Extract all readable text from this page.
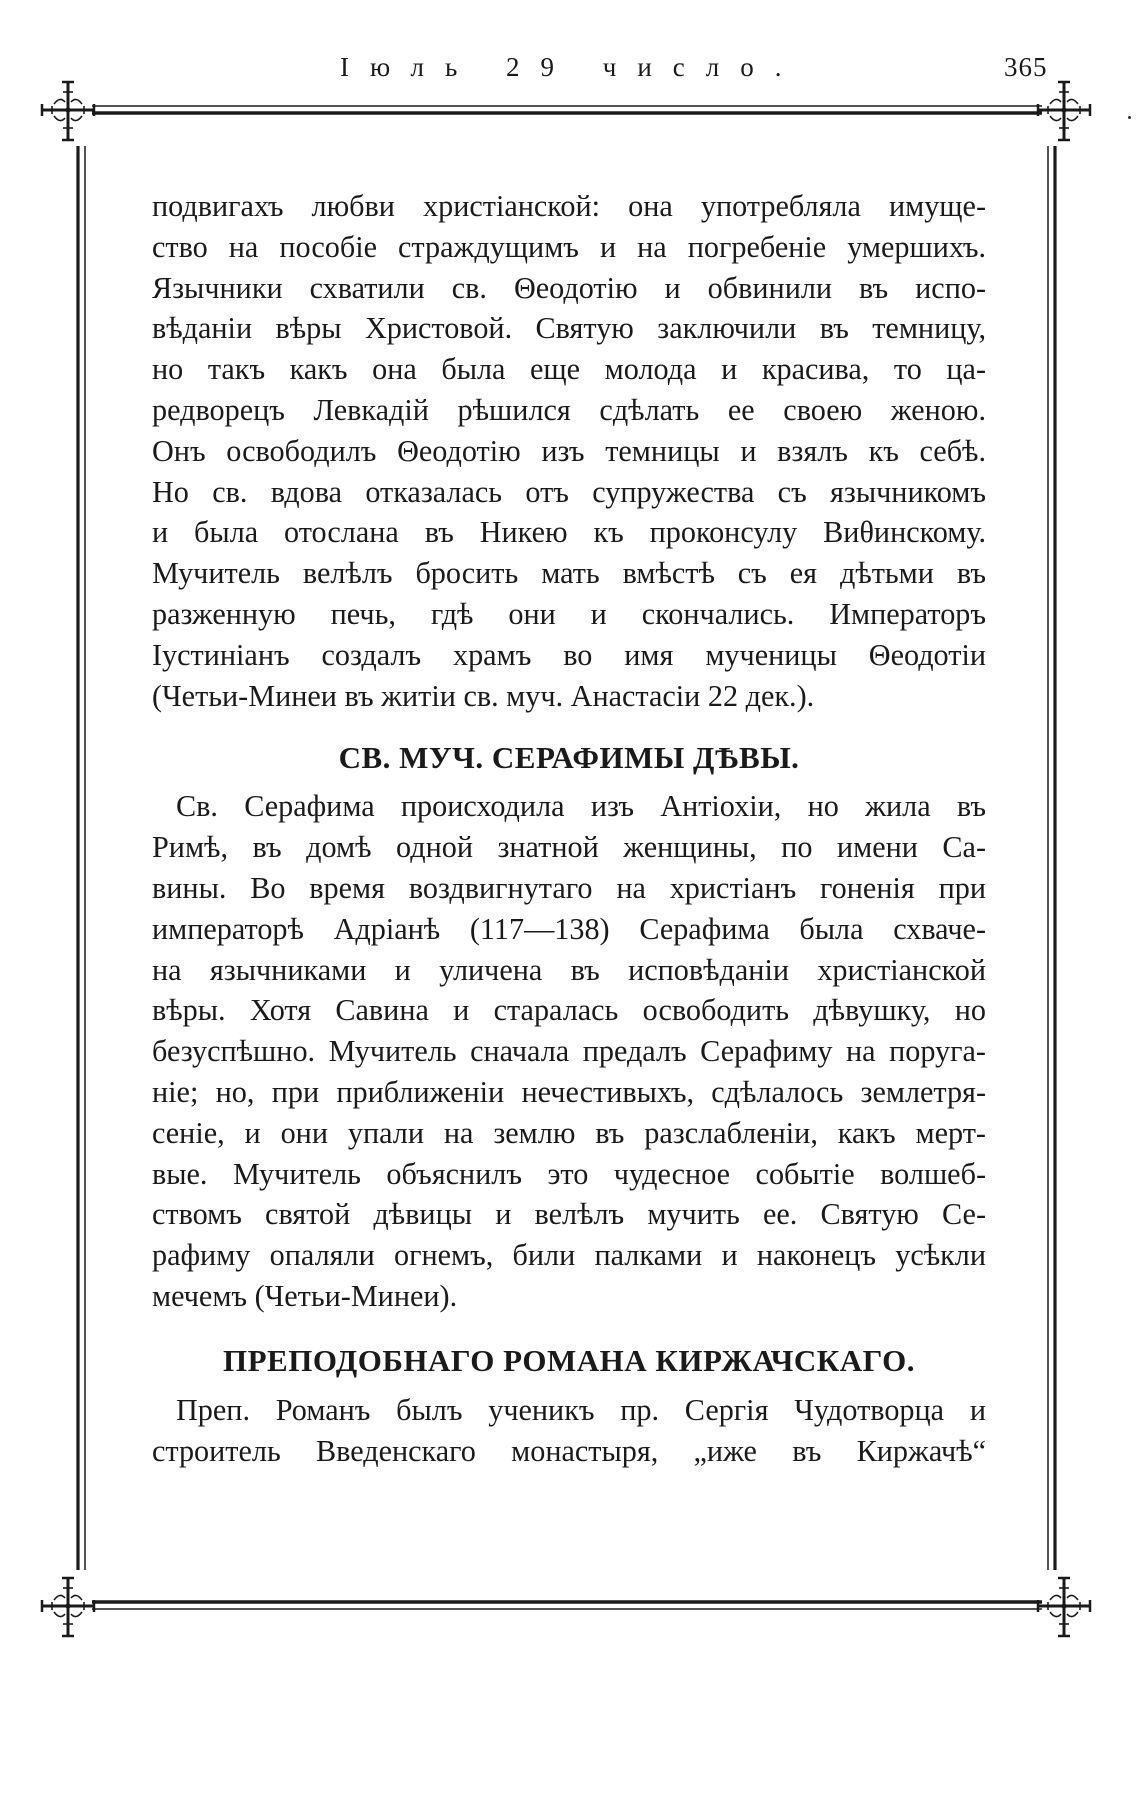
Іюль 29 число.	365

подвигахъ любви христіанской: она употребляла имуще-
ство на пособіе страждущимъ и на погребеніе умершихъ.
Язычники схватили св. Θеодотію и обвинили въ испо-
вѣданіи вѣры Христовой. Святую заключили въ темницу,
но такъ какъ она была еще молода и красива, то ца-
редворецъ Левкадій рѣшился сдѣлать ее своею женою.
Онъ освободилъ Θеодотію изъ темницы и взялъ къ себѣ.
Но св. вдова отказалась отъ супружества съ язычникомъ
и была отослана въ Никею къ проконсулу Виθинскому.
Мучитель велѣлъ бросить мать вмѣстѣ съ ея дѣтьми въ
разженную печь, гдѣ они и скончались. Императоръ
Іустиніанъ создалъ храмъ во имя мученицы Θеодотіи
(Четьи-Минеи въ житіи св. муч. Анастасіи 22 дек.).

СВ. МУЧ. СЕРАФИМЫ ДѢВЫ.

Св. Серафима происходила изъ Антіохіи, но жила въ
Римѣ, въ домѣ одной знатной женщины, по имени Са-
вины. Во время воздвигнутаго на христіанъ гоненія при
императорѣ Адріанѣ (117—138) Серафима была схваче-
на язычниками и уличена въ исповѣданіи христіанской
вѣры. Хотя Савина и старалась освободить дѣвушку, но
безуспѣшно. Мучитель сначала предалъ Серафиму на поруга-
ніе; но, при приближеніи нечестивыхъ, сдѣлалось землетря-
сеніе, и они упали на землю въ разслабленіи, какъ мерт-
вые. Мучитель объяснилъ это чудесное событіе волшеб-
ствомъ святой дѣвицы и велѣлъ мучить ее. Святую Се-
рафиму опаляли огнемъ, били палками и наконецъ усѣкли
мечемъ (Четьи-Минеи).

ПРЕПОДОБНАГО РОМАНА КИРЖАЧСКАГО.

Преп. Романъ былъ ученикъ пр. Сергія Чудотворца и
строитель Введенскаго монастыря, „иже въ Киржачѣ“
